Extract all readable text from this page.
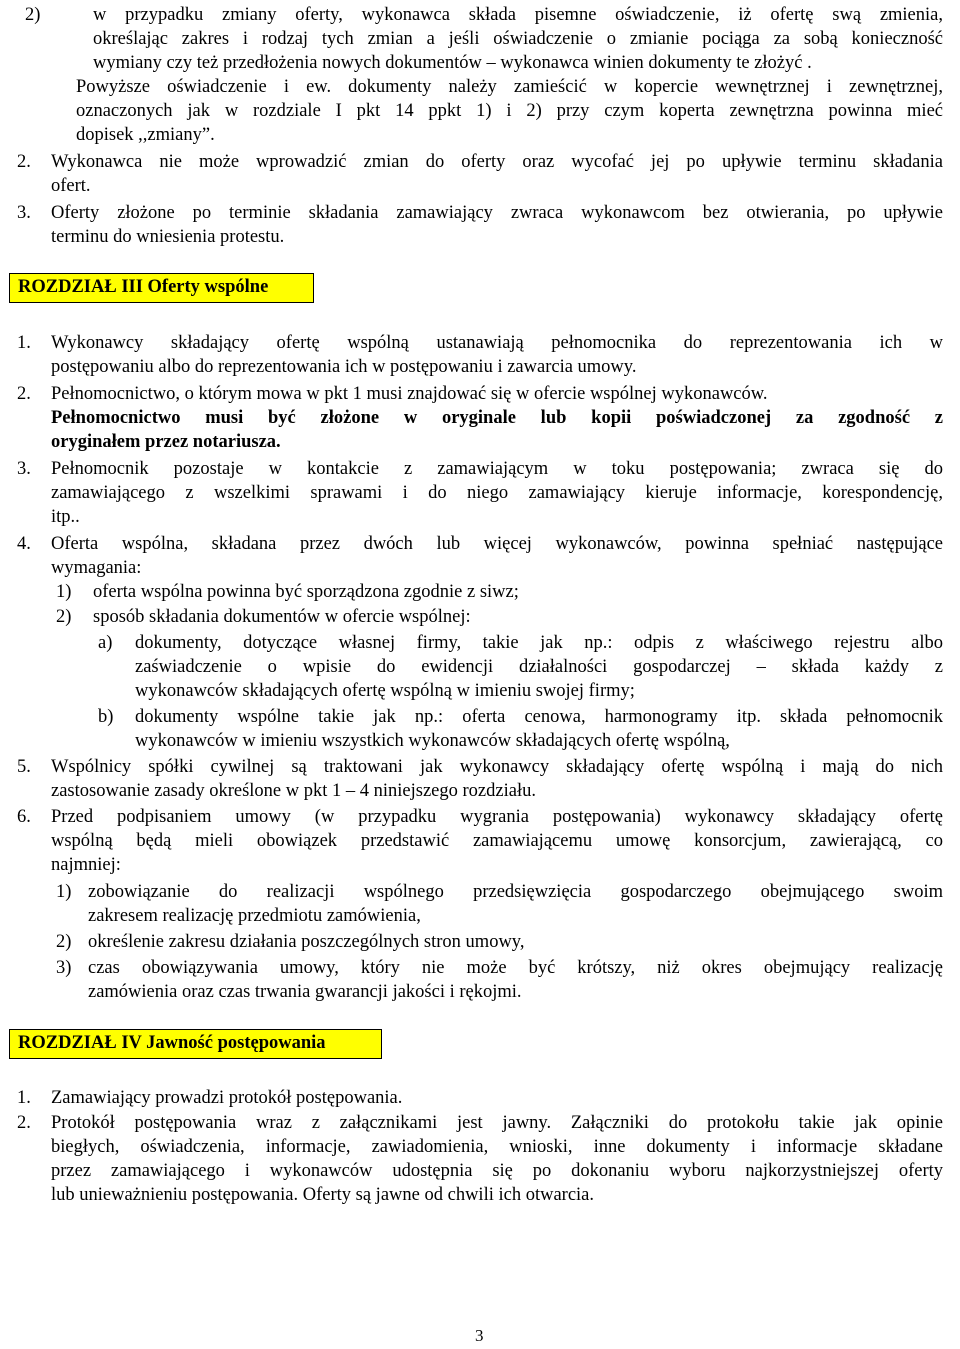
2)	w przypadku zmiany oferty, wykonawca składa pisemne oświadczenie, iż ofertę swą zmienia,
określając zakres i rodzaj tych zmian a jeśli oświadczenie o zmianie pociąga za sobą konieczność
wymiany czy też przedłożenia nowych dokumentów – wykonawca winien dokumenty te złożyć .
Powyższe oświadczenie i ew. dokumenty należy zamieścić w kopercie wewnętrznej i zewnętrznej,
oznaczonych jak w rozdziale I pkt 14 ppkt 1) i 2) przy czym koperta zewnętrzna powinna mieć
dopisek ,,zmiany”.
2. Wykonawca nie może wprowadzić zmian do oferty oraz wycofać jej po upływie terminu składania
ofert.
3. Oferty złożone po terminie składania zamawiający zwraca wykonawcom bez otwierania, po upływie
terminu do wniesienia protestu.
ROZDZIAŁ III Oferty wspólne
1. Wykonawcy składający ofertę wspólną ustanawiają pełnomocnika do reprezentowania ich w
postępowaniu albo do reprezentowania ich w postępowaniu i zawarcia umowy.
2. Pełnomocnictwo, o którym mowa w pkt 1 musi znajdować się w ofercie wspólnej wykonawców.
Pełnomocnictwo musi być złożone w oryginale lub kopii poświadczonej za zgodność z
oryginałem przez notariusza.
3. Pełnomocnik pozostaje w kontakcie z zamawiającym w toku postępowania; zwraca się do
zamawiającego z wszelkimi sprawami i do niego zamawiający kieruje informacje, korespondencję,
itp..
4. Oferta wspólna, składana przez dwóch lub więcej wykonawców, powinna spełniać następujące
wymagania:
1) oferta wspólna powinna być sporządzona zgodnie z siwz;
2) sposób składania dokumentów w ofercie wspólnej:
a) dokumenty, dotyczące własnej firmy, takie jak np.: odpis z właściwego rejestru albo
zaświadczenie o wpisie do ewidencji działalności gospodarczej – składa każdy z
wykonawców składających ofertę wspólną w imieniu swojej firmy;
b) dokumenty wspólne takie jak np.: oferta cenowa, harmonogramy itp. składa pełnomocnik
wykonawców w imieniu wszystkich wykonawców składających ofertę wspólną,
5. Wspólnicy spółki cywilnej są traktowani jak wykonawcy składający ofertę wspólną i mają do nich
zastosowanie zasady określone w pkt 1 – 4 niniejszego rozdziału.
6. Przed podpisaniem umowy (w przypadku wygrania postępowania) wykonawcy składający ofertę
wspólną będą mieli obowiązek przedstawić zamawiającemu umowę konsorcjum, zawierającą, co
najmniej:
1) zobowiązanie do realizacji wspólnego przedsięwzięcia gospodarczego obejmującego swoim
zakresem realizację przedmiotu zamówienia,
2) określenie zakresu działania poszczególnych stron umowy,
3) czas obowiązywania umowy, który nie może być krótszy, niż okres obejmujący realizację
zamówienia oraz czas trwania gwarancji jakości i rękojmi.
ROZDZIAŁ IV Jawność postępowania
1. Zamawiający prowadzi protokół postępowania.
2. Protokół postępowania wraz z załącznikami jest jawny. Załączniki do protokołu takie jak opinie
biegłych, oświadczenia, informacje, zawiadomienia, wnioski, inne dokumenty i informacje składane
przez zamawiającego i wykonawców udostępnia się po dokonaniu wyboru najkorzystniejszej oferty
lub unieważnieniu postępowania. Oferty są jawne od chwili ich otwarcia.
3
